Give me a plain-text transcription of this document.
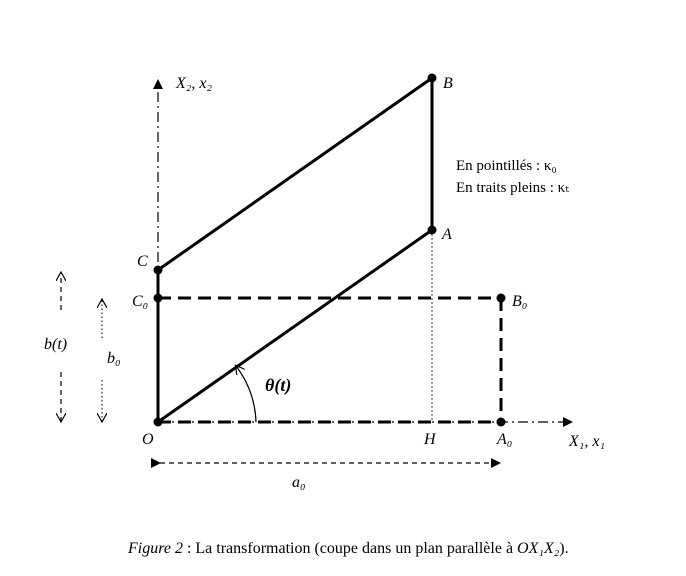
X₂, x₂
X₁, x₁
B
A
C
C₀	B₀
O	H	A₀
θ(t)
b(t)
b₀
a₀
En pointillés : κ₀
En traits pleins : κₜ
Figure 2 : La transformation (coupe dans un plan parallèle à OX₁X₂).
